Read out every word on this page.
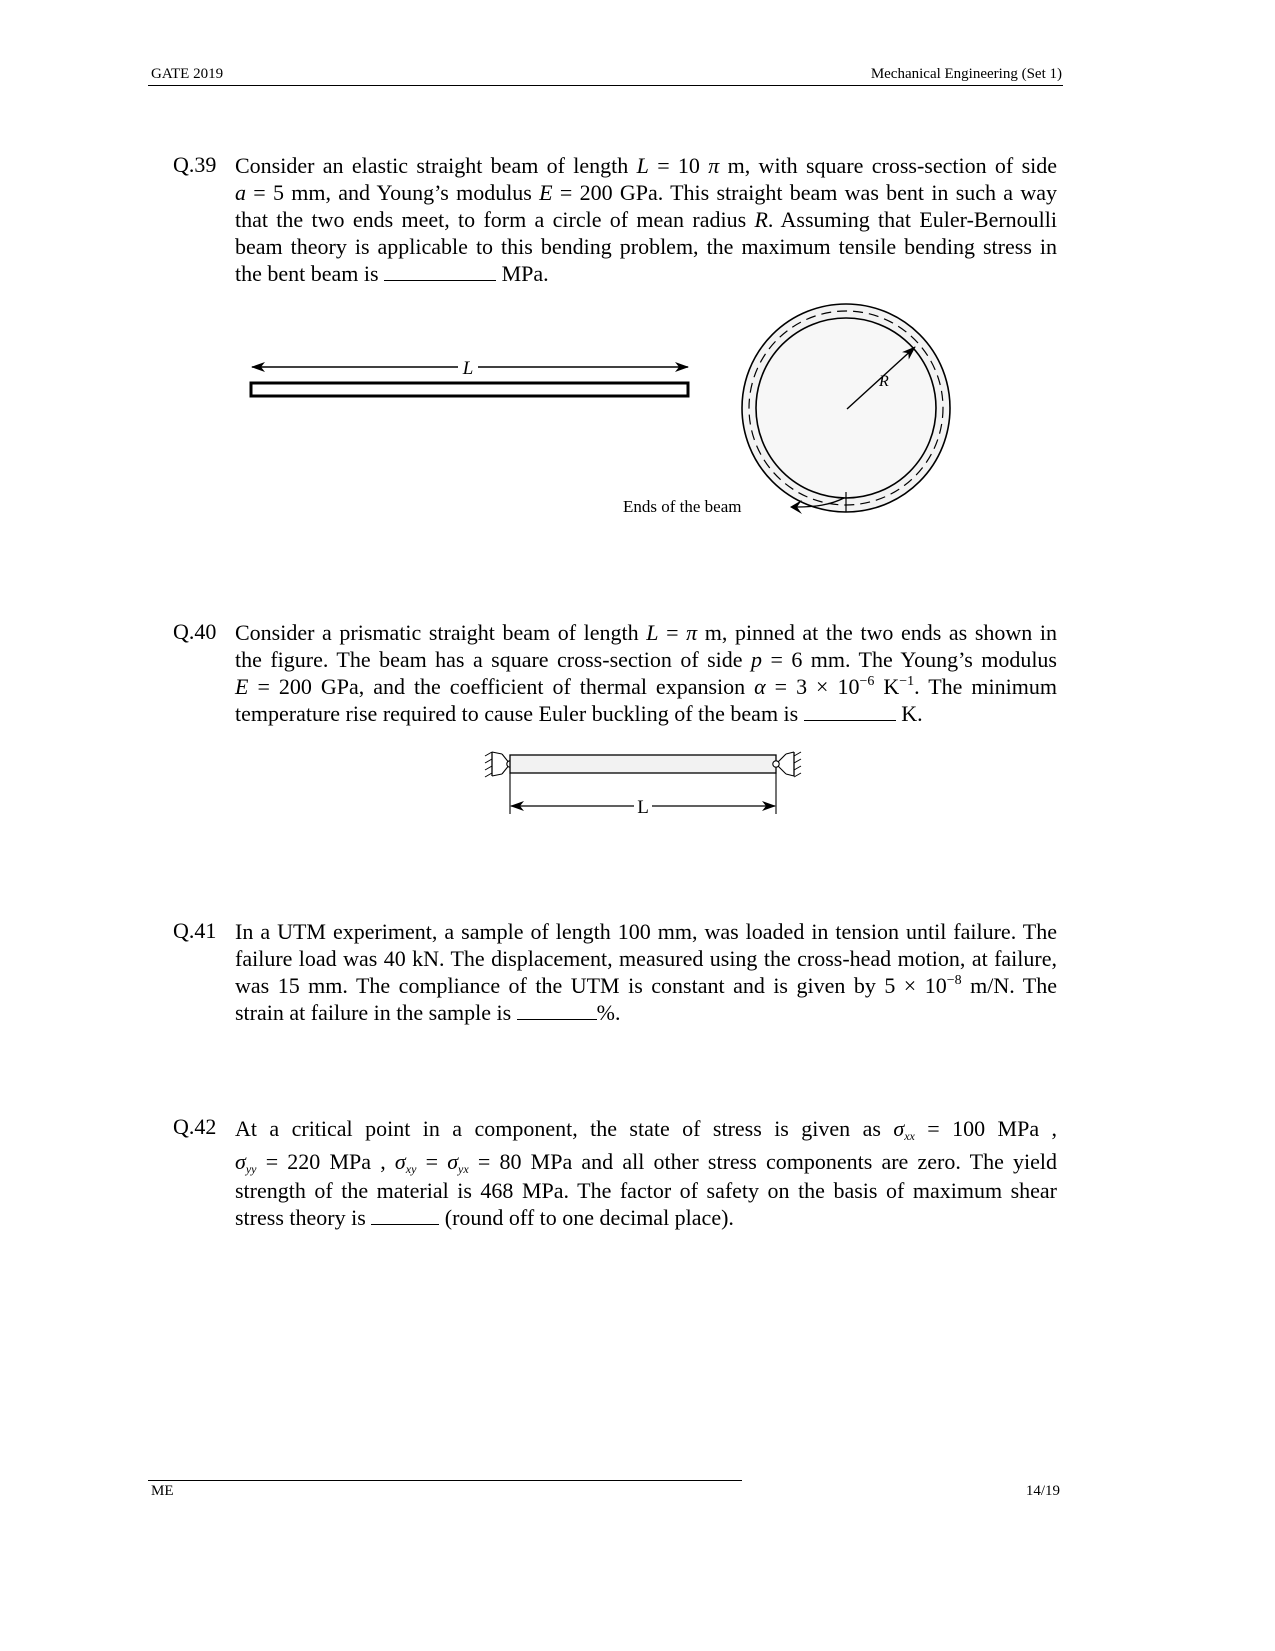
GATE 2019	Mechanical Engineering (Set 1)
Q.39 Consider an elastic straight beam of length L = 10 π m, with square cross-section of side
a = 5 mm, and Young’s modulus E = 200 GPa. This straight beam was bent in such a way
that the two ends meet, to form a circle of mean radius R. Assuming that Euler-Bernoulli
beam theory is applicable to this bending problem, the maximum tensile bending stress in
the bent beam is	MPa.
L
R
Ends of the beam
Q.40 Consider a prismatic straight beam of length L = π m, pinned at the two ends as shown in
the figure. The beam has a square cross-section of side p = 6 mm. The Young’s modulus
E = 200 GPa, and the coefficient of thermal expansion $\alpha = 3 \times 10^{-6}$ $K^{-1}$. The minimum
temperature rise required to cause Euler buckling of the beam is	K.
L
Q.41 In a UTM experiment, a sample of length 100 mm, was loaded in tension until failure. The
failure load was 40 kN. The displacement, measured using the cross-head motion, at failure,
was 15 mm. The compliance of the UTM is constant and is given by $5 \times 10^{-8}$ m/N. The
strain at failure in the sample is	%.
Q.42 At a critical point in a component, the state of stress is given as $\sigma_{xx} = 100$ MPa ,
$\sigma_{yy} = 220$ MPa , $\sigma_{xy} = \sigma_{yx} = 80$ MPa and all other stress components are zero. The yield
strength of the material is 468 MPa. The factor of safety on the basis of maximum shear
stress theory is	(round off to one decimal place).
ME	14/19
